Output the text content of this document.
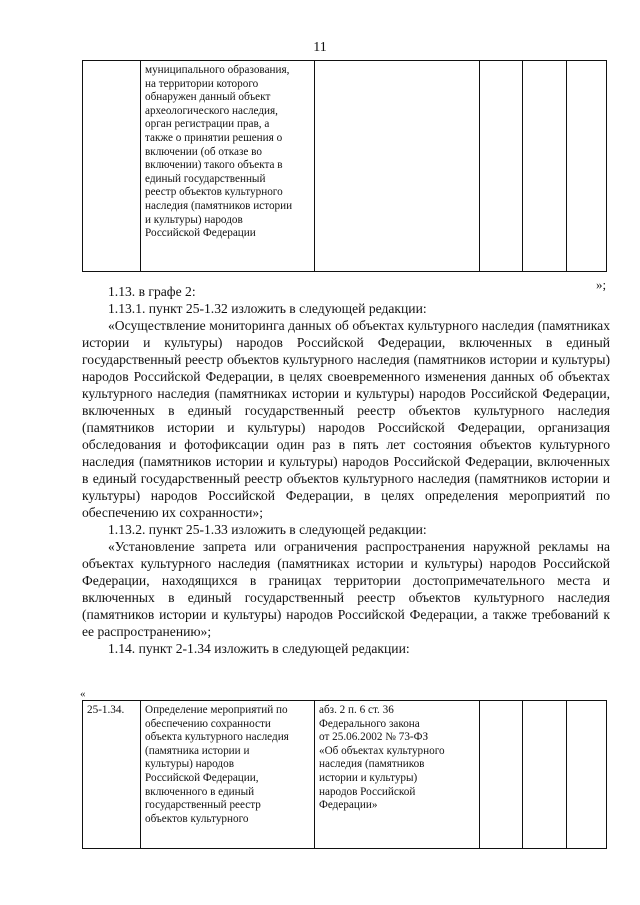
11

муниципального образования,
на территории которого
обнаружен данный объект
археологического наследия,
орган регистрации прав, а
также о принятии решения о
включении (об отказе во
включении) такого объекта в
единый государственный
реестр объектов культурного
наследия (памятников истории
и культуры) народов
Российской Федерации

»;

1.13. в графе 2:

1.13.1. пункт 25-1.32 изложить в следующей редакции:

«Осуществление мониторинга данных об объектах культурного наследия (памятниках истории и культуры) народов Российской Федерации, включенных в единый государственный реестр объектов культурного наследия (памятников истории и культуры) народов Российской Федерации, в целях своевременного изменения данных об объектах культурного наследия (памятниках истории и культуры) народов Российской Федерации, включенных в единый государственный реестр объектов культурного наследия (памятников истории и культуры) народов Российской Федерации, организация обследования и фотофиксации один раз в пять лет состояния объектов культурного наследия (памятников истории и культуры) народов Российской Федерации, включенных в единый государственный реестр объектов культурного наследия (памятников истории и культуры) народов Российской Федерации, в целях определения мероприятий по обеспечению их сохранности»;

1.13.2. пункт 25-1.33 изложить в следующей редакции:

«Установление запрета или ограничения распространения наружной рекламы на объектах культурного наследия (памятниках истории и культуры) народов Российской Федерации, находящихся в границах территории достопримечательного места и включенных в единый государственный реестр объектов культурного наследия (памятников истории и культуры) народов Российской Федерации, а также требований к ее распространению»;

1.14. пункт 2-1.34 изложить в следующей редакции:

«
25-1.34.	Определение мероприятий по
обеспечению сохранности
объекта культурного наследия
(памятника истории и
культуры) народов
Российской Федерации,
включенного в единый
государственный реестр
объектов культурного

абз. 2 п. 6 ст. 36
Федерального закона
от 25.06.2002 № 73-ФЗ
«Об объектах культурного
наследия (памятников
истории и культуры)
народов Российской
Федерации»
